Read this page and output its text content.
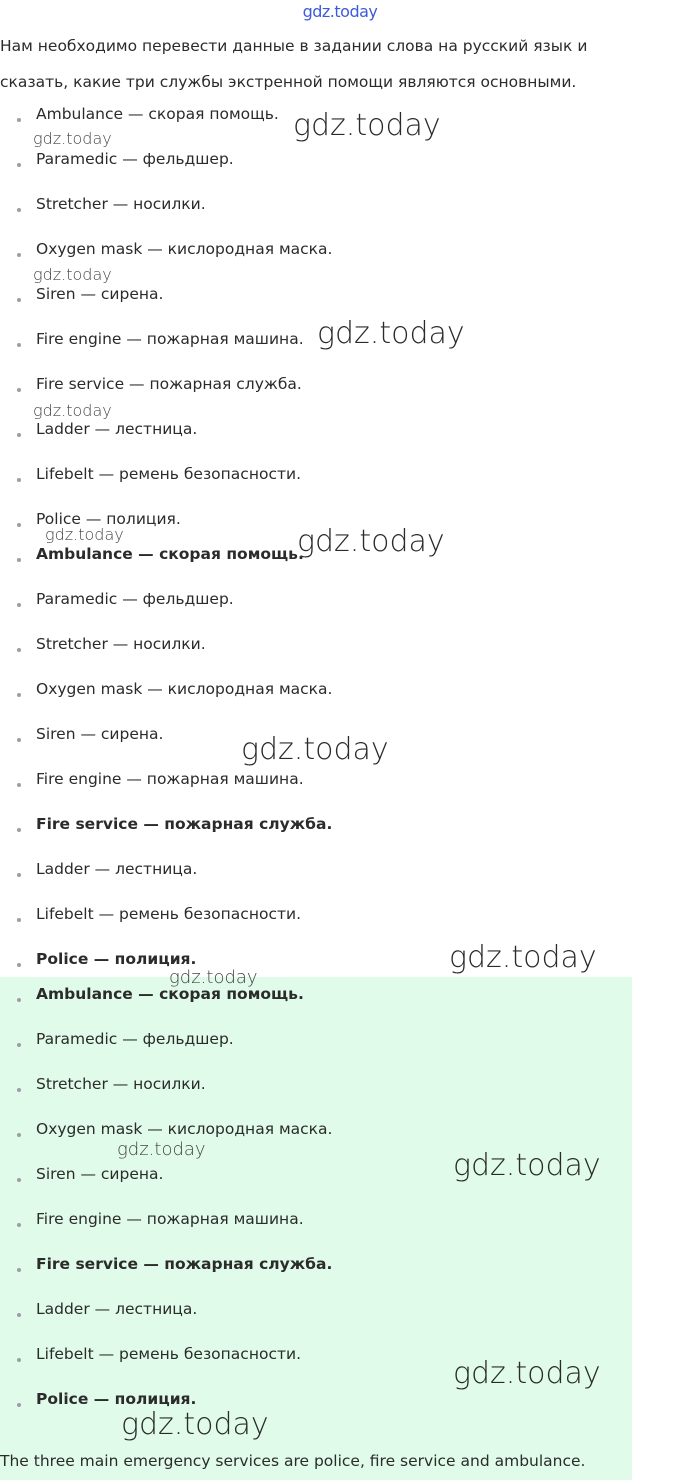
gdz.today
Нам необходимо перевести данные в задании слова на русский язык и сказать, какие три службы экстренной помощи являются основными.
Ambulance — скорая помощь.
Paramedic — фельдшер.
Stretcher — носилки.
Oxygen mask — кислородная маска.
Siren — сирена.
Fire engine — пожарная машина.
Fire service — пожарная служба.
Ladder — лестница.
Lifebelt — ремень безопасности.
Police — полиция.
Ambulance — скорая помощь.
Paramedic — фельдшер.
Stretcher — носилки.
Oxygen mask — кислородная маска.
Siren — сирена.
Fire engine — пожарная машина.
Fire service — пожарная служба.
Ladder — лестница.
Lifebelt — ремень безопасности.
Police — полиция.
Ambulance — скорая помощь.
Paramedic — фельдшер.
Stretcher — носилки.
Oxygen mask — кислородная маска.
Siren — сирена.
Fire engine — пожарная машина.
Fire service — пожарная служба.
Ladder — лестница.
Lifebelt — ремень безопасности.
Police — полиция.
The three main emergency services are police, fire service and ambulance.
gdz.today	gdz.today
gdz.today
gdz.today
gdz.today
gdz.today	gdz.today
gdz.today
gdz.today
gdz.today
gdz.today	gdz.today
gdz.today
gdz.today
